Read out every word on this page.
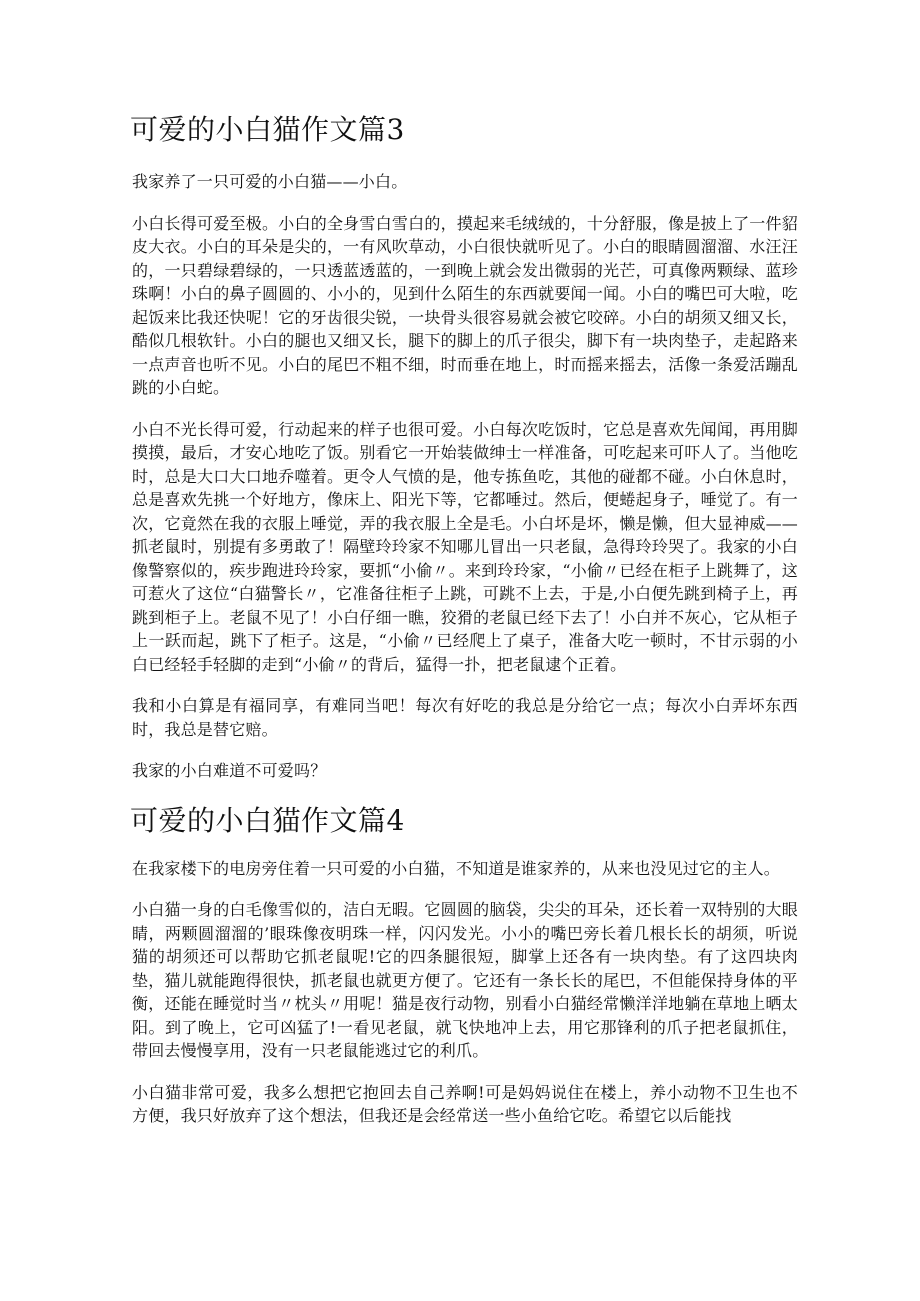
可爱的小白猫作文篇3

我家养了一只可爱的小白猫——小白。

小白长得可爱至极。小白的全身雪白雪白的，摸起来毛绒绒的，十分舒服，像是披上了一件貂皮大衣。小白的耳朵是尖的，一有风吹草动，小白很快就听见了。小白的眼睛圆溜溜、水汪汪的，一只碧绿碧绿的，一只透蓝透蓝的，一到晚上就会发出微弱的光芒，可真像两颗绿、蓝珍珠啊！小白的鼻子圆圆的、小小的，见到什么陌生的东西就要闻一闻。小白的嘴巴可大啦，吃起饭来比我还快呢！它的牙齿很尖锐，一块骨头很容易就会被它咬碎。小白的胡须又细又长，酷似几根软针。小白的腿也又细又长，腿下的脚上的爪子很尖，脚下有一块肉垫子，走起路来一点声音也听不见。小白的尾巴不粗不细，时而垂在地上，时而摇来摇去，活像一条爱活蹦乱跳的小白蛇。

小白不光长得可爱，行动起来的样子也很可爱。小白每次吃饭时，它总是喜欢先闻闻，再用脚摸摸，最后，才安心地吃了饭。别看它一开始装做绅士一样准备，可吃起来可吓人了。当他吃时，总是大口大口地乔噬着。更令人气愤的是，他专拣鱼吃，其他的碰都不碰。小白休息时，总是喜欢先挑一个好地方，像床上、阳光下等，它都唾过。然后，便蜷起身子，唾觉了。有一次，它竟然在我的衣服上唾觉，弄的我衣服上全是毛。小白坏是坏，懒是懒，但大显神威——抓老鼠时，别提有多勇敢了！隔壁玲玲家不知哪儿冒出一只老鼠，急得玲玲哭了。我家的小白像警察似的，疾步跑进玲玲家，要抓“小偷〃。来到玲玲家，“小偷〃已经在柜子上跳舞了，这可惹火了这位“白猫警长〃，它准备往柜子上跳，可跳不上去，于是,小白便先跳到椅子上，再跳到柜子上。老鼠不见了！小白仔细一瞧，狡猾的老鼠已经下去了！小白并不灰心，它从柜子上一跃而起，跳下了柜子。这是，“小偷〃已经爬上了桌子，准备大吃一顿时，不甘示弱的小白已经轻手轻脚的走到“小偷〃的背后，猛得一扑，把老鼠逮个正着。

我和小白算是有福同享，有难同当吧！每次有好吃的我总是分给它一点；每次小白弄坏东西时，我总是替它赔。

我家的小白难道不可爱吗？

可爱的小白猫作文篇4

在我家楼下的电房旁住着一只可爱的小白猫，不知道是谁家养的，从来也没见过它的主人。

小白猫一身的白毛像雪似的，洁白无暇。它圆圆的脑袋，尖尖的耳朵，还长着一双特别的大眼睛，两颗圆溜溜的’眼珠像夜明珠一样，闪闪发光。小小的嘴巴旁长着几根长长的胡须，听说猫的胡须还可以帮助它抓老鼠呢!它的四条腿很短，脚掌上还各有一块肉垫。有了这四块肉垫，猫儿就能跑得很快，抓老鼠也就更方便了。它还有一条长长的尾巴，不但能保持身体的平衡，还能在睡觉时当〃枕头〃用呢！猫是夜行动物，别看小白猫经常懒洋洋地躺在草地上晒太阳。到了晚上，它可凶猛了!一看见老鼠，就飞快地冲上去，用它那锋利的爪子把老鼠抓住，带回去慢慢享用，没有一只老鼠能逃过它的利爪。

小白猫非常可爱，我多么想把它抱回去自己养啊!可是妈妈说住在楼上，养小动物不卫生也不方便，我只好放弃了这个想法，但我还是会经常送一些小鱼给它吃。希望它以后能找
